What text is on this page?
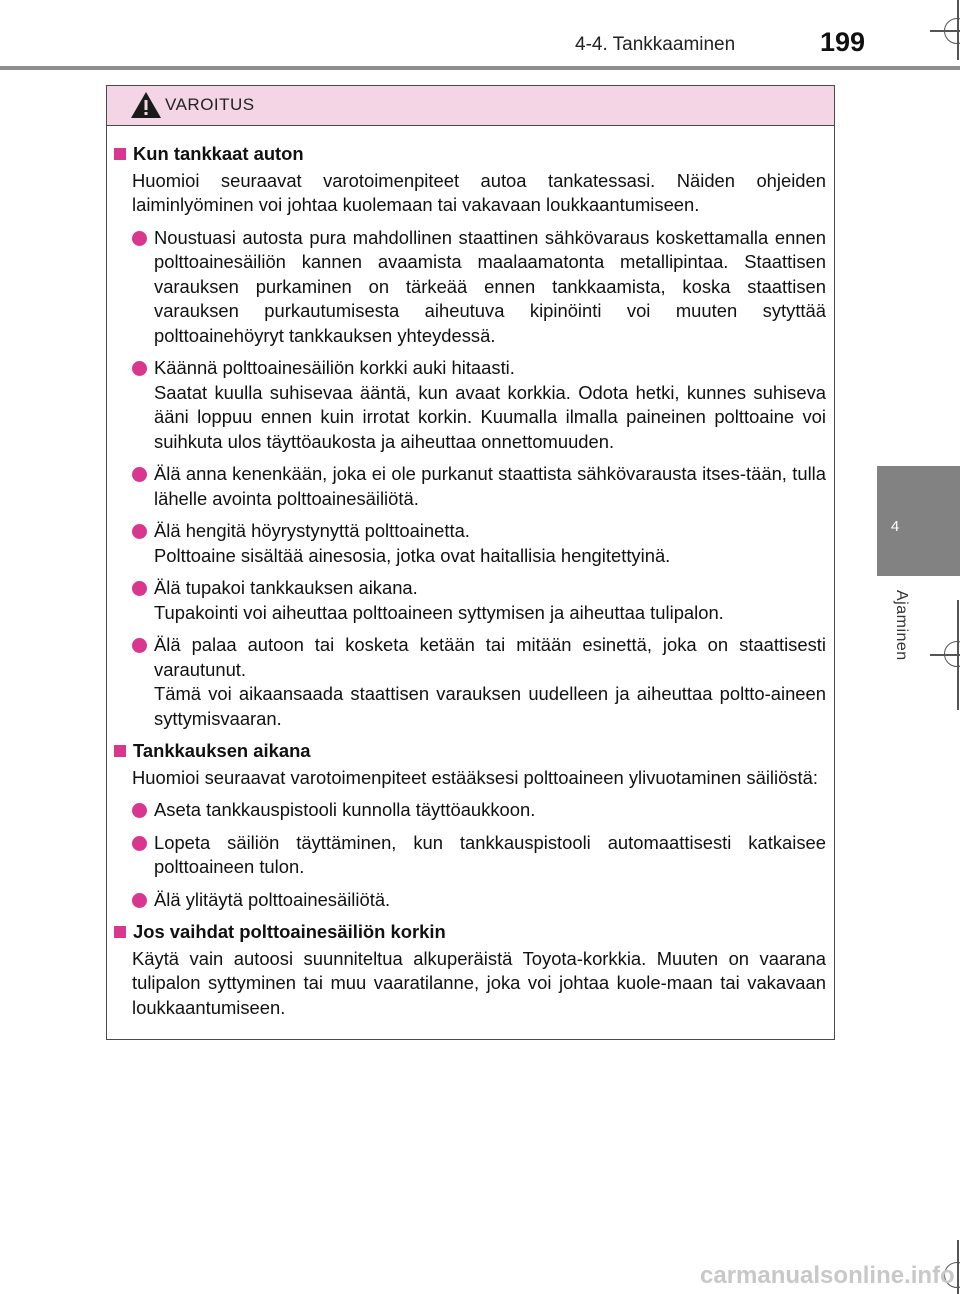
4-4. Tankkaaminen	199
4
Ajaminen
VAROITUS
Kun tankkaat auton
Huomioi seuraavat varotoimenpiteet autoa tankatessasi. Näiden ohjeiden laiminlyöminen voi johtaa kuolemaan tai vakavaan loukkaantumiseen.
Noustuasi autosta pura mahdollinen staattinen sähkövaraus koskettamalla ennen polttoainesäiliön kannen avaamista maalaamatonta metallipintaa. Staattisen varauksen purkaminen on tärkeää ennen tankkaamista, koska staattisen varauksen purkautumisesta aiheutuva kipinöinti voi muuten sytyttää polttoainehöyryt tankkauksen yhteydessä.
Käännä polttoainesäiliön korkki auki hitaasti.
Saatat kuulla suhisevaa ääntä, kun avaat korkkia. Odota hetki, kunnes suhiseva ääni loppuu ennen kuin irrotat korkin. Kuumalla ilmalla paineinen polttoaine voi suihkuta ulos täyttöaukosta ja aiheuttaa onnettomuuden.
Älä anna kenenkään, joka ei ole purkanut staattista sähkövarausta itses-tään, tulla lähelle avointa polttoainesäiliötä.
Älä hengitä höyrystynyttä polttoainetta.
Polttoaine sisältää ainesosia, jotka ovat haitallisia hengitettyinä.
Älä tupakoi tankkauksen aikana.
Tupakointi voi aiheuttaa polttoaineen syttymisen ja aiheuttaa tulipalon.
Älä palaa autoon tai kosketa ketään tai mitään esinettä, joka on staattisesti varautunut.
Tämä voi aikaansaada staattisen varauksen uudelleen ja aiheuttaa poltto-aineen syttymisvaaran.
Tankkauksen aikana
Huomioi seuraavat varotoimenpiteet estääksesi polttoaineen ylivuotaminen säiliöstä:
Aseta tankkauspistooli kunnolla täyttöaukkoon.
Lopeta säiliön täyttäminen, kun tankkauspistooli automaattisesti katkaisee polttoaineen tulon.
Älä ylitäytä polttoainesäiliötä.
Jos vaihdat polttoainesäiliön korkin
Käytä vain autoosi suunniteltua alkuperäistä Toyota-korkkia. Muuten on vaarana tulipalon syttyminen tai muu vaaratilanne, joka voi johtaa kuole-maan tai vakavaan loukkaantumiseen.
carmanualsonline.info
